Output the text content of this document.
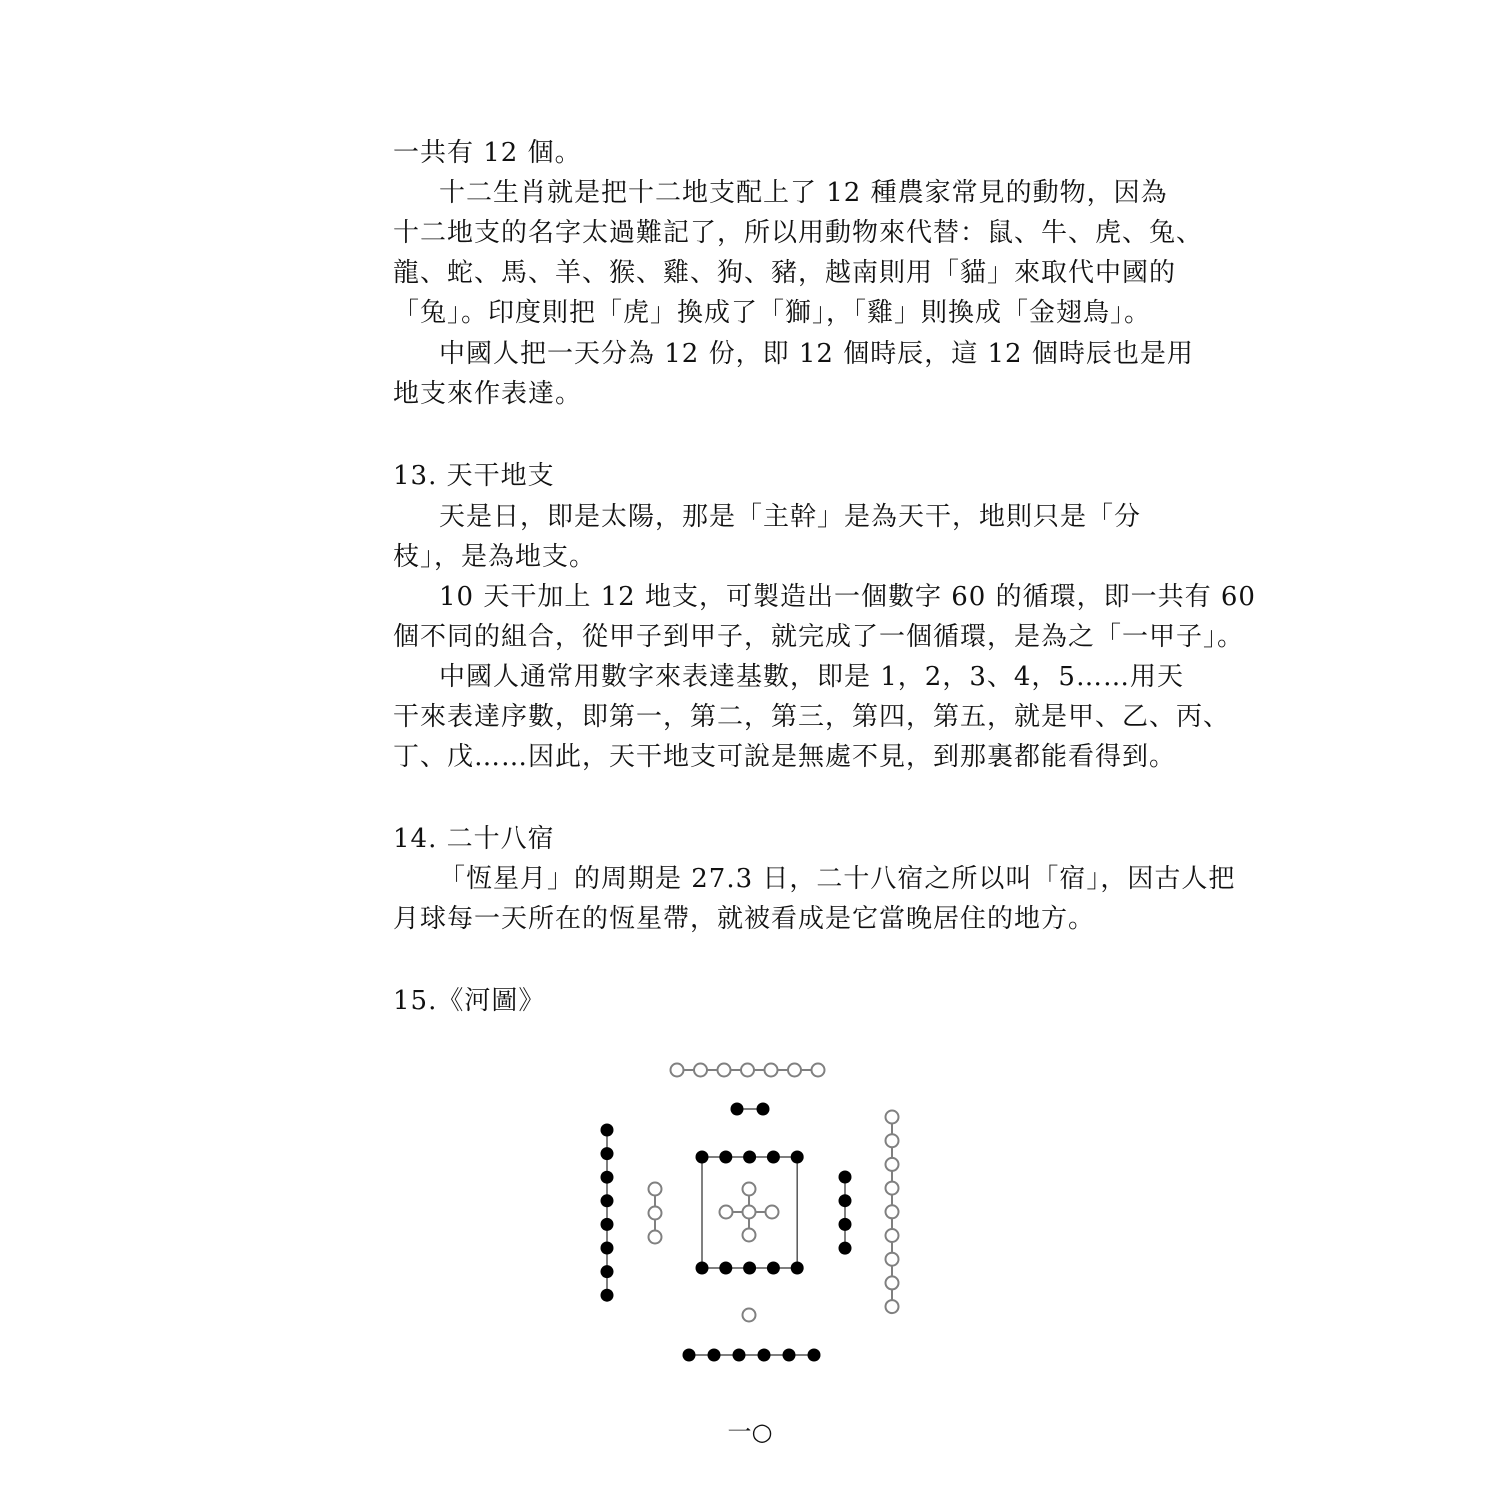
一共有 12 個。
十二生肖就是把十二地支配上了 12 種農家常見的動物，因為
十二地支的名字太過難記了，所以用動物來代替：鼠、牛、虎、兔、
龍、蛇、馬、羊、猴、雞、狗、豬，越南則用「貓」來取代中國的
「兔」。印度則把「虎」換成了「獅」，「雞」則換成「金翅鳥」。
中國人把一天分為 12 份，即 12 個時辰，這 12 個時辰也是用
地支來作表達。
13. 天干地支
天是日，即是太陽，那是「主幹」是為天干，地則只是「分
枝」，是為地支。
10 天干加上 12 地支，可製造出一個數字 60 的循環，即一共有 60
個不同的組合，從甲子到甲子，就完成了一個循環，是為之「一甲子」。
中國人通常用數字來表達基數，即是 1，2，3、4，5……用天
干來表達序數，即第一，第二，第三，第四，第五，就是甲、乙、丙、
丁、戊……因此，天干地支可說是無處不見，到那裏都能看得到。
14. 二十八宿
「恆星月」的周期是 27.3 日，二十八宿之所以叫「宿」，因古人把
月球每一天所在的恆星帶，就被看成是它當晚居住的地方。
15.《河圖》
一○
